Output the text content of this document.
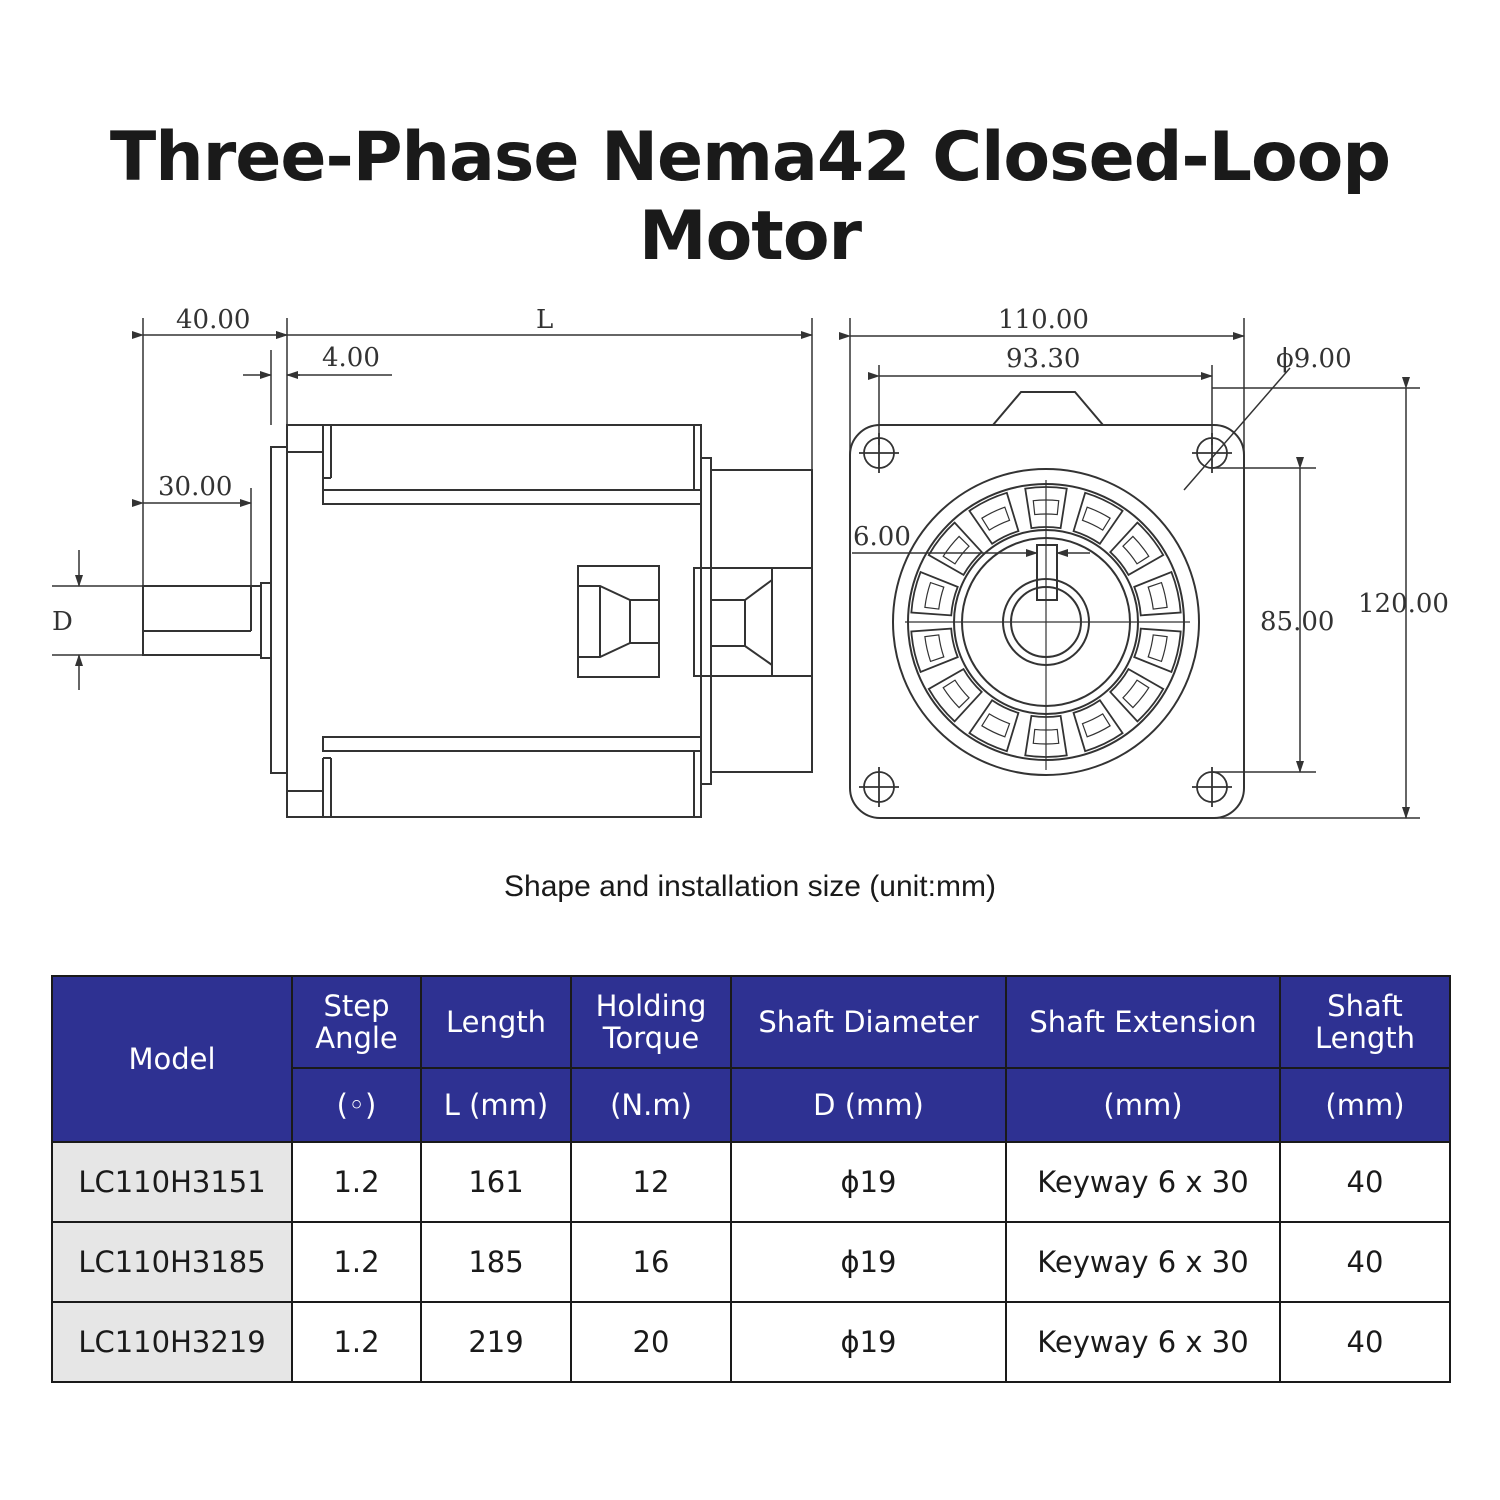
Three-Phase Nema42 Closed-Loop Motor
40.00	L
4.00
30.00
D
110.00
93.30	ϕ9.00
6.00
85.00
120.00
Shape and installation size (unit:mm)
Model	Step Angle	Length	Holding Torque	Shaft Diameter	Shaft Extension	Shaft Length
	(◦)	L (mm)	(N.m)	D (mm)	(mm)	(mm)
LC110H3151	1.2	161	12	ϕ19	Keyway 6 x 30	40
LC110H3185	1.2	185	16	ϕ19	Keyway 6 x 30	40
LC110H3219	1.2	219	20	ϕ19	Keyway 6 x 30	40
